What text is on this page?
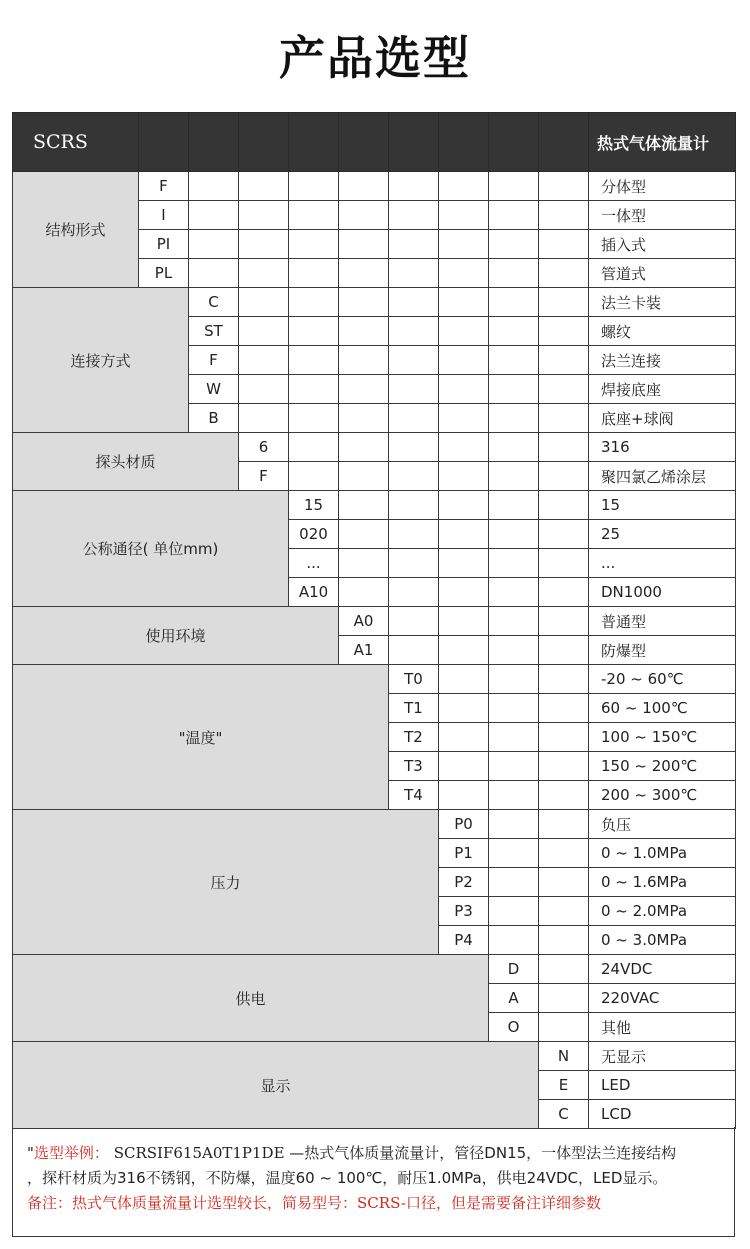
产品选型
SCRS										热式气体流量计
结构形式	F									分体型
	I									一体型
	PI									插入式
	PL									管道式
连接方式		C								法兰卡装
		ST								螺纹
		F								法兰连接
		W								焊接底座
		B								底座+球阀
探头材质			6							316
			F							聚四氯乙烯涂层
公称通径( 单位mm)				15						15
				020						25
				...						...
				A10						DN1000
使用环境					A0					普通型
					A1					防爆型
"温度"						T0				-20 ~ 60℃
						T1				60 ~ 100℃
						T2				100 ~ 150℃
						T3				150 ~ 200℃
						T4				200 ~ 300℃
压力							P0			负压
							P1			0 ~ 1.0MPa
							P2			0 ~ 1.6MPa
							P3			0 ~ 2.0MPa
							P4			0 ~ 3.0MPa
供电								D		24VDC
								A		220VAC
								O		其他
显示									N	无显示
									E	LED
									C	LCD
"选型举例： SCRSIF615A0T1P1DE —热式气体质量流量计，管径DN15，一体型法兰连接结构
，探杆材质为316不锈钢，不防爆，温度60 ~ 100℃，耐压1.0MPa，供电24VDC，LED显示。
备注：热式气体质量流量计选型较长，简易型号：SCRS-口径，但是需要备注详细参数
